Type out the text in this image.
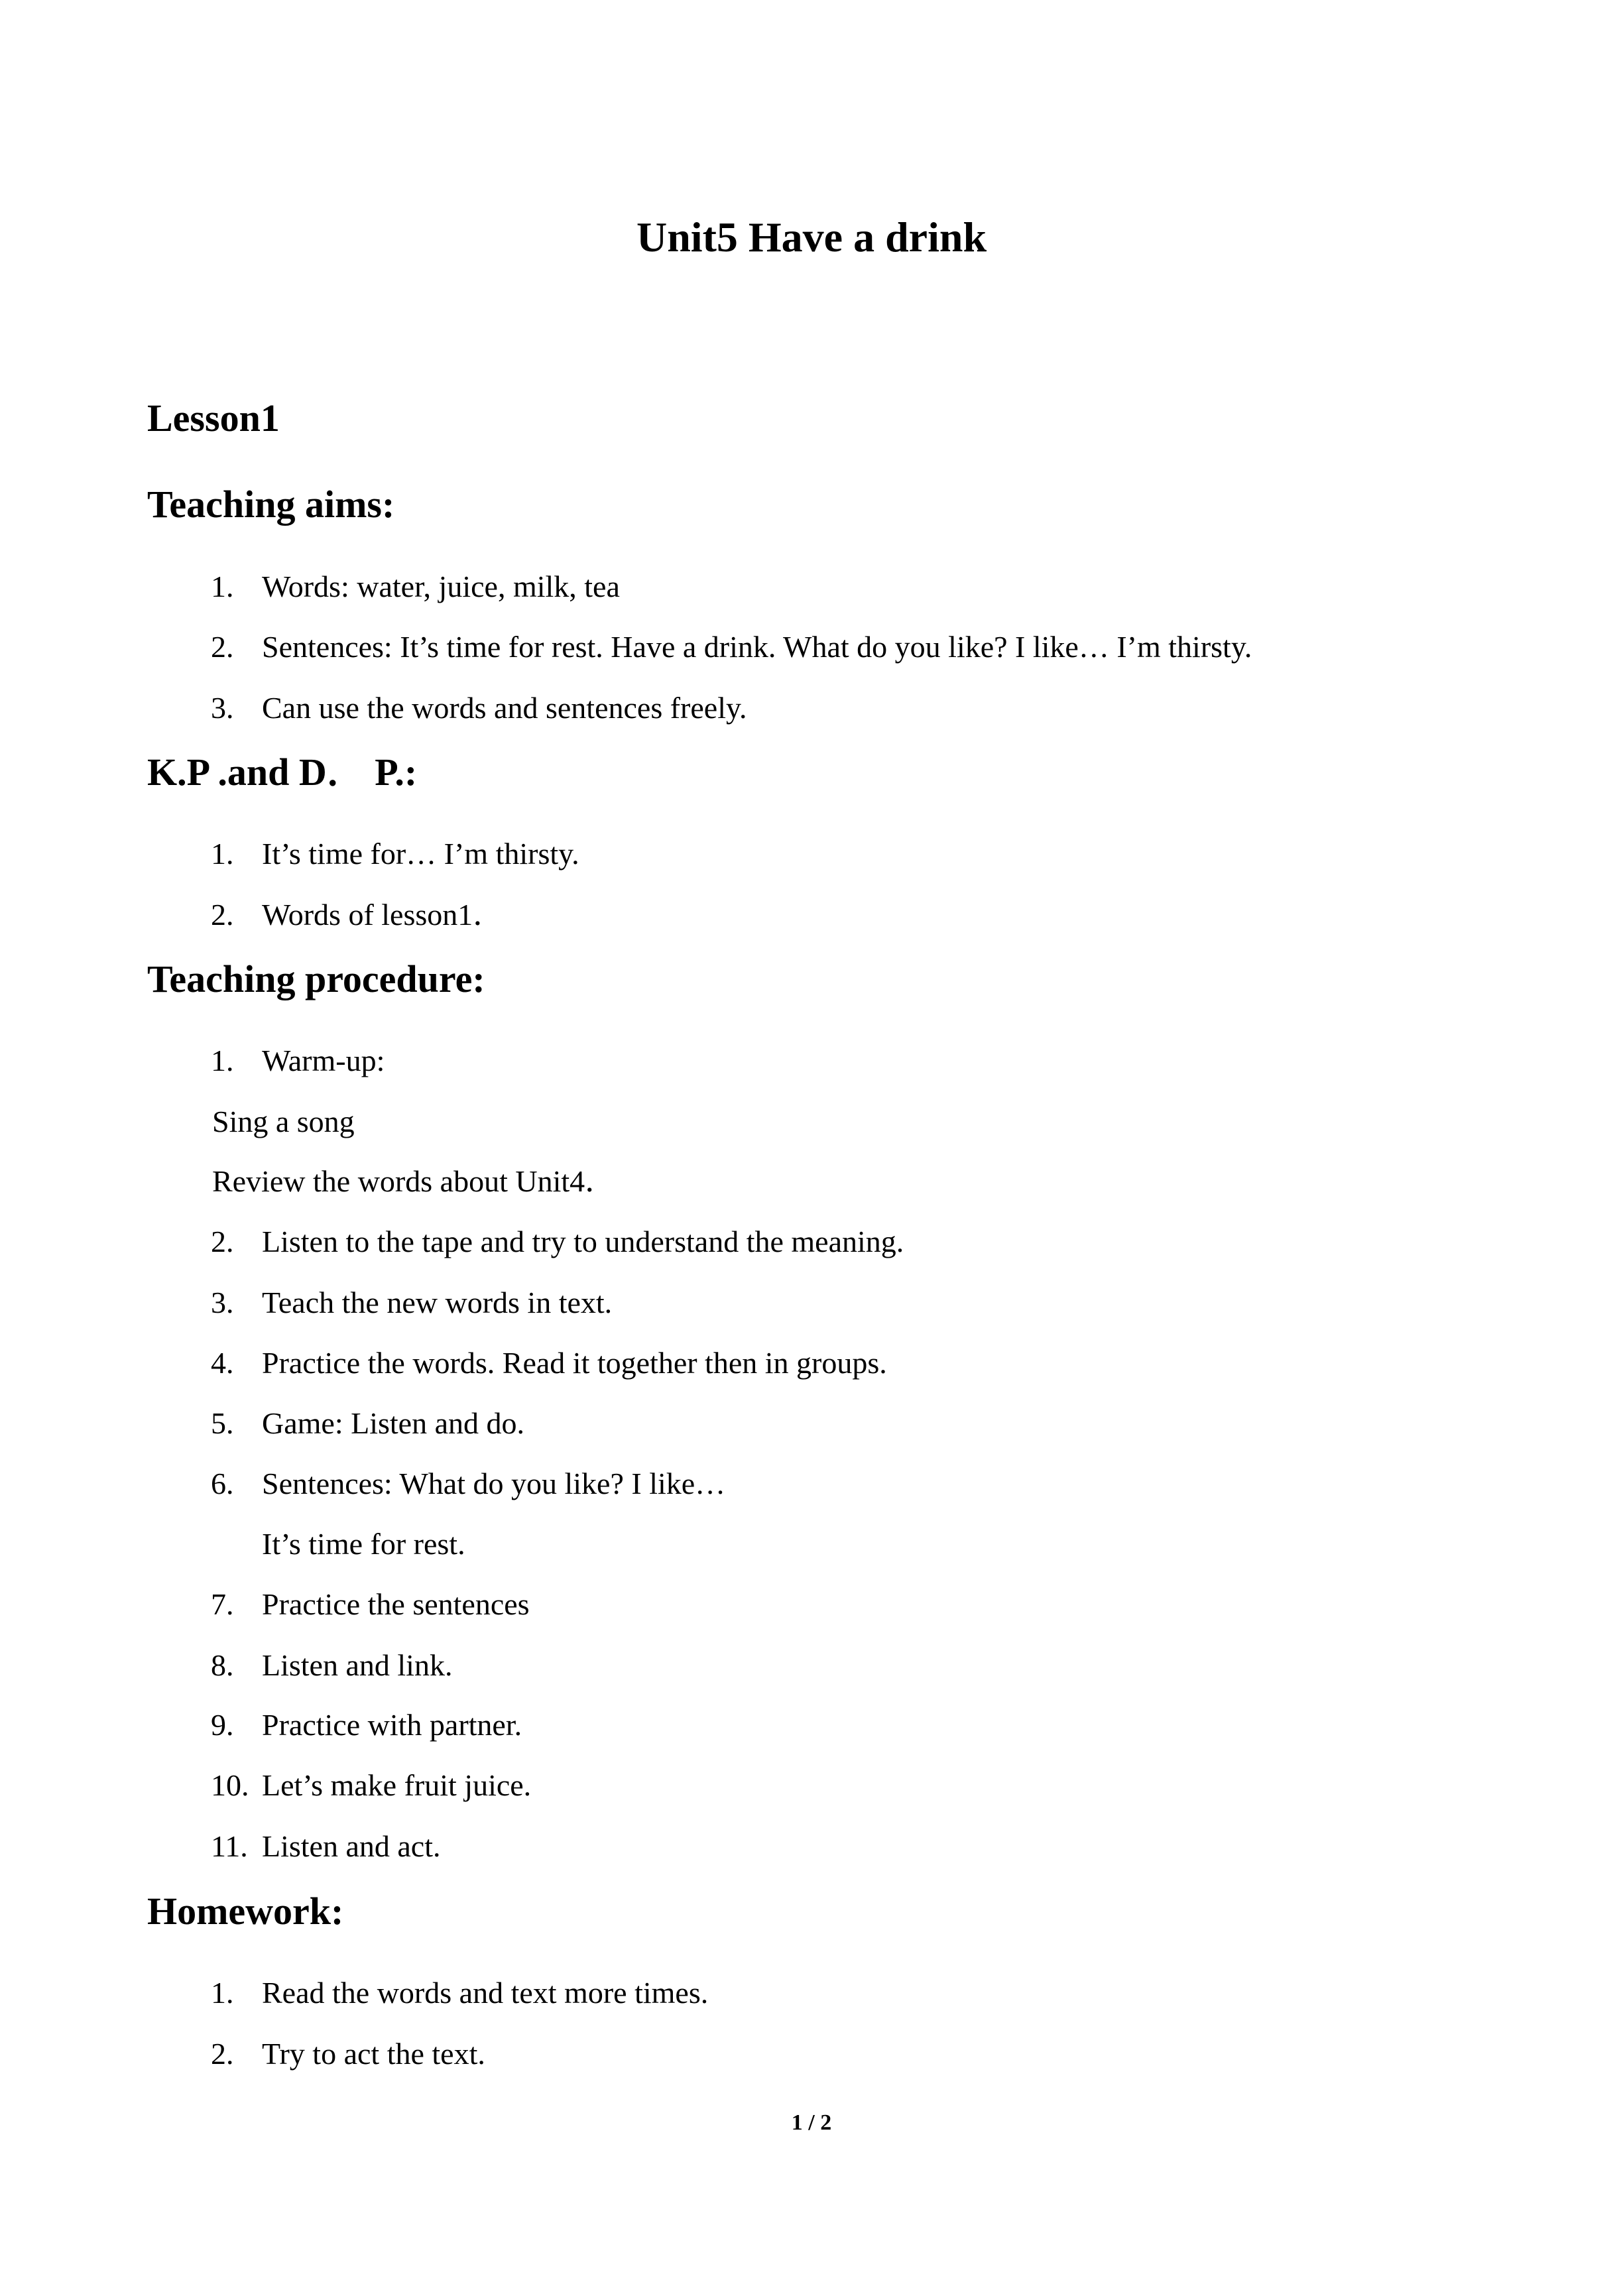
Unit5 Have a drink
Lesson1
Teaching aims:
1. Words: water, juice, milk, tea
2. Sentences: It’s time for rest. Have a drink. What do you like? I like… I’m thirsty.
3. Can use the words and sentences freely.
K.P .and D． P.:
1. It’s time for… I’m thirsty.
2. Words of lesson1．
Teaching procedure:
1. Warm-up:
Sing a song
Review the words about Unit4．
2. Listen to the tape and try to understand the meaning.
3. Teach the new words in text.
4. Practice the words. Read it together then in groups.
5. Game: Listen and do.
6. Sentences: What do you like? I like…
It’s time for rest.
7. Practice the sentences
8. Listen and link.
9. Practice with partner.
10. Let’s make fruit juice.
11. Listen and act.
Homework:
1. Read the words and text more times.
2. Try to act the text.
1 / 2
